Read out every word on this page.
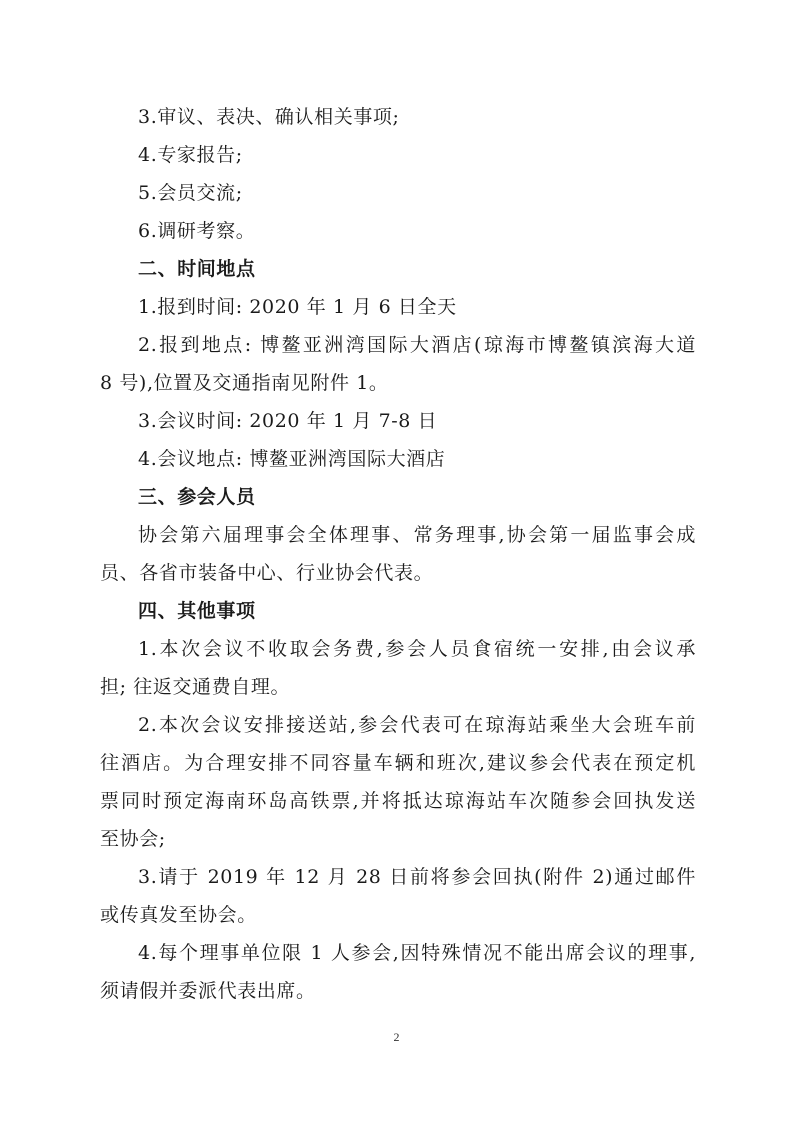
3.审议、表决、确认相关事项;
4.专家报告;
5.会员交流;
6.调研考察。
二、时间地点
1.报到时间: 2020 年 1 月 6 日全天
2.报到地点: 博鳌亚洲湾国际大酒店(琼海市博鳌镇滨海大道
8 号),位置及交通指南见附件 1。
3.会议时间: 2020 年 1 月 7-8 日
4.会议地点: 博鳌亚洲湾国际大酒店
三、参会人员
协会第六届理事会全体理事、常务理事,协会第一届监事会成
员、各省市装备中心、行业协会代表。
四、其他事项
1.本次会议不收取会务费,参会人员食宿统一安排,由会议承
担; 往返交通费自理。
2.本次会议安排接送站,参会代表可在琼海站乘坐大会班车前
往酒店。为合理安排不同容量车辆和班次,建议参会代表在预定机
票同时预定海南环岛高铁票,并将抵达琼海站车次随参会回执发送
至协会;
3.请于 2019 年 12 月 28 日前将参会回执(附件 2)通过邮件
或传真发至协会。
4.每个理事单位限 1 人参会,因特殊情况不能出席会议的理事,
须请假并委派代表出席。
2
